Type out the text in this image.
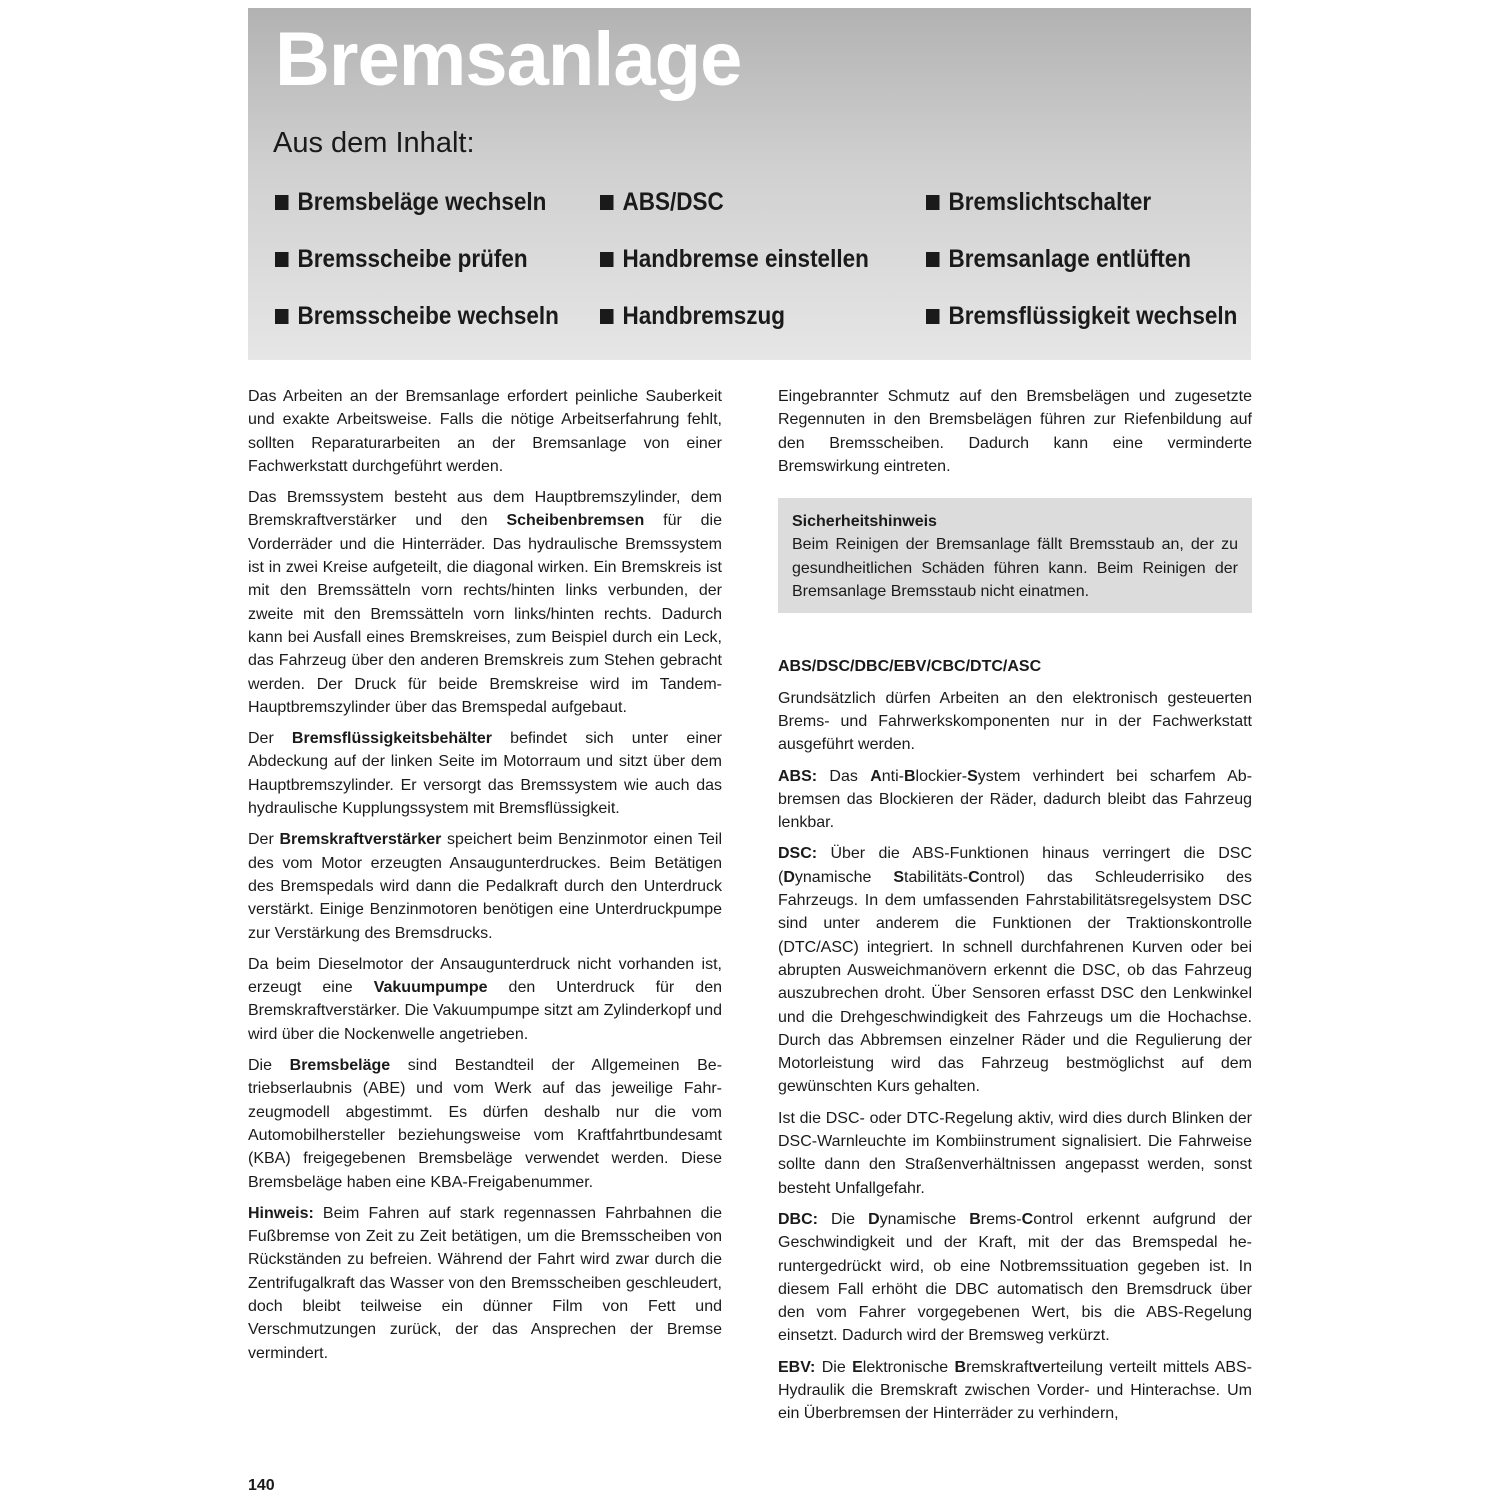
Bremsanlage
Aus dem Inhalt:
Bremsbeläge wechseln	ABS/DSC	Bremslichtschalter
Bremsscheibe prüfen	Handbremse einstellen	Bremsanlage entlüften
Bremsscheibe wechseln	Handbremszug	Bremsflüssigkeit wechseln

Das Arbeiten an der Bremsanlage erfordert peinliche Sauberkeit und exakte Arbeitsweise. Falls die nötige Arbeitserfahrung fehlt, sollten Reparaturarbeiten an der Bremsanlage von einer Fachwerkstatt durchgeführt werden.

Das Bremssystem besteht aus dem Hauptbremszylinder, dem Bremskraftverstärker und den Scheibenbremsen für die Vorderräder und die Hinterräder. Das hydraulische Bremssystem ist in zwei Kreise aufgeteilt, die diagonal wirken. Ein Bremskreis ist mit den Bremssätteln vorn rechts/hinten links verbunden, der zweite mit den Bremssätteln vorn links/hinten rechts. Dadurch kann bei Ausfall eines Bremskreises, zum Beispiel durch ein Leck, das Fahrzeug über den anderen Bremskreis zum Stehen gebracht werden. Der Druck für beide Bremskreise wird im Tandem-Hauptbremszylinder über das Bremspedal aufgebaut.

Der Bremsflüssigkeitsbehälter befindet sich unter einer Abdeckung auf der linken Seite im Motorraum und sitzt über dem Hauptbremszylinder. Er versorgt das Bremssystem wie auch das hydraulische Kupplungssystem mit Bremsflüssigkeit.

Der Bremskraftverstärker speichert beim Benzinmotor einen Teil des vom Motor erzeugten Ansaugunterdruckes. Beim Betätigen des Bremspedals wird dann die Pedalkraft durch den Unterdruck verstärkt. Einige Benzinmotoren benötigen eine Unterdruckpumpe zur Verstärkung des Bremsdrucks.

Da beim Dieselmotor der Ansaugunterdruck nicht vorhanden ist, erzeugt eine Vakuumpumpe den Unterdruck für den Bremskraftverstärker. Die Vakuumpumpe sitzt am Zylinderkopf und wird über die Nockenwelle angetrieben.

Die Bremsbeläge sind Bestandteil der Allgemeinen Betriebserlaubnis (ABE) und vom Werk auf das jeweilige Fahrzeugmodell abgestimmt. Es dürfen deshalb nur die vom Automobilhersteller beziehungsweise vom Kraftfahrtbundesamt (KBA) freigegebenen Bremsbeläge verwendet werden. Diese Bremsbeläge haben eine KBA-Freigabenummer.

Hinweis: Beim Fahren auf stark regennassen Fahrbahnen die Fußbremse von Zeit zu Zeit betätigen, um die Bremsscheiben von Rückständen zu befreien. Während der Fahrt wird zwar durch die Zentrifugalkraft das Wasser von den Bremsscheiben geschleudert, doch bleibt teilweise ein dünner Film von Fett und Verschmutzungen zurück, der das Ansprechen der Bremse vermindert.

Eingebrannter Schmutz auf den Bremsbelägen und zugesetzte Regennuten in den Bremsbelägen führen zur Riefenbildung auf den Bremsscheiben. Dadurch kann eine verminderte Bremswirkung eintreten.

Sicherheitshinweis

Beim Reinigen der Bremsanlage fällt Bremsstaub an, der zu gesundheitlichen Schäden führen kann. Beim Reinigen der Bremsanlage Bremsstaub nicht einatmen.

ABS/DSC/DBC/EBV/CBC/DTC/ASC

Grundsätzlich dürfen Arbeiten an den elektronisch gesteuerten Brems- und Fahrwerkskomponenten nur in der Fachwerkstatt ausgeführt werden.

ABS: Das Anti-Blockier-System verhindert bei scharfem Abbremsen das Blockieren der Räder, dadurch bleibt das Fahrzeug lenkbar.

DSC: Über die ABS-Funktionen hinaus verringert die DSC (Dynamische Stabilitäts-Control) das Schleuderrisiko des Fahrzeugs. In dem umfassenden Fahrstabilitätsregelsystem DSC sind unter anderem die Funktionen der Traktionskontrolle (DTC/ASC) integriert. In schnell durchfahrenen Kurven oder bei abrupten Ausweichmanövern erkennt die DSC, ob das Fahrzeug auszubrechen droht. Über Sensoren erfasst DSC den Lenkwinkel und die Drehgeschwindigkeit des Fahrzeugs um die Hochachse. Durch das Abbremsen einzelner Räder und die Regulierung der Motorleistung wird das Fahrzeug bestmöglichst auf dem gewünschten Kurs gehalten.

Ist die DSC- oder DTC-Regelung aktiv, wird dies durch Blinken der DSC-Warnleuchte im Kombiinstrument signalisiert. Die Fahrweise sollte dann den Straßenverhältnissen angepasst werden, sonst besteht Unfallgefahr.

DBC: Die Dynamische Brems-Control erkennt aufgrund der Geschwindigkeit und der Kraft, mit der das Bremspedal heruntergedrückt wird, ob eine Notbremssituation gegeben ist. In diesem Fall erhöht die DBC automatisch den Bremsdruck über den vom Fahrer vorgegebenen Wert, bis die ABS-Regelung einsetzt. Dadurch wird der Bremsweg verkürzt.

EBV: Die Elektronische Bremskraftverteilung verteilt mittels ABS-Hydraulik die Bremskraft zwischen Vorder- und Hinterachse. Um ein Überbremsen der Hinterräder zu verhindern,

140
